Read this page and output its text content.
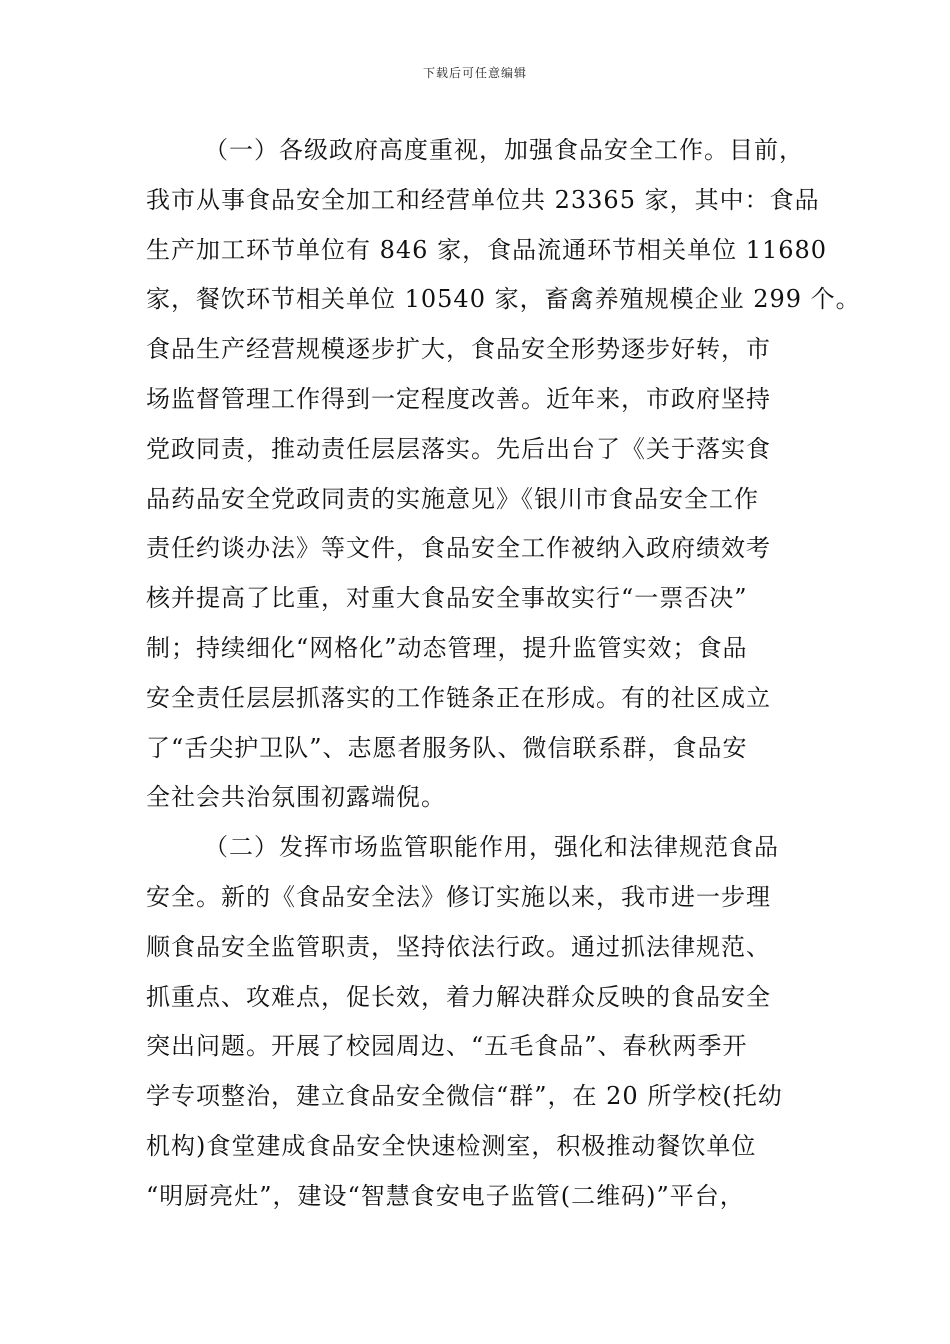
下载后可任意编辑
（一）各级政府高度重视，加强食品安全工作。目前，
我市从事食品安全加工和经营单位共 23365 家，其中：食品
生产加工环节单位有 846 家，食品流通环节相关单位 11680
家，餐饮环节相关单位 10540 家，畜禽养殖规模企业 299 个。
食品生产经营规模逐步扩大，食品安全形势逐步好转，市
场监督管理工作得到一定程度改善。近年来，市政府坚持
党政同责，推动责任层层落实。先后出台了《关于落实食
品药品安全党政同责的实施意见》《银川市食品安全工作
责任约谈办法》等文件，食品安全工作被纳入政府绩效考
核并提高了比重，对重大食品安全事故实行“一票否决”
制；持续细化“网格化”动态管理，提升监管实效；食品
安全责任层层抓落实的工作链条正在形成。有的社区成立
了“舌尖护卫队”、志愿者服务队、微信联系群，食品安
全社会共治氛围初露端倪。
（二）发挥市场监管职能作用，强化和法律规范食品
安全。新的《食品安全法》修订实施以来，我市进一步理
顺食品安全监管职责，坚持依法行政。通过抓法律规范、
抓重点、攻难点，促长效，着力解决群众反映的食品安全
突出问题。开展了校园周边、“五毛食品”、春秋两季开
学专项整治，建立食品安全微信“群”，在 20 所学校(托幼
机构)食堂建成食品安全快速检测室，积极推动餐饮单位
“明厨亮灶”，建设“智慧食安电子监管(二维码)”平台，
